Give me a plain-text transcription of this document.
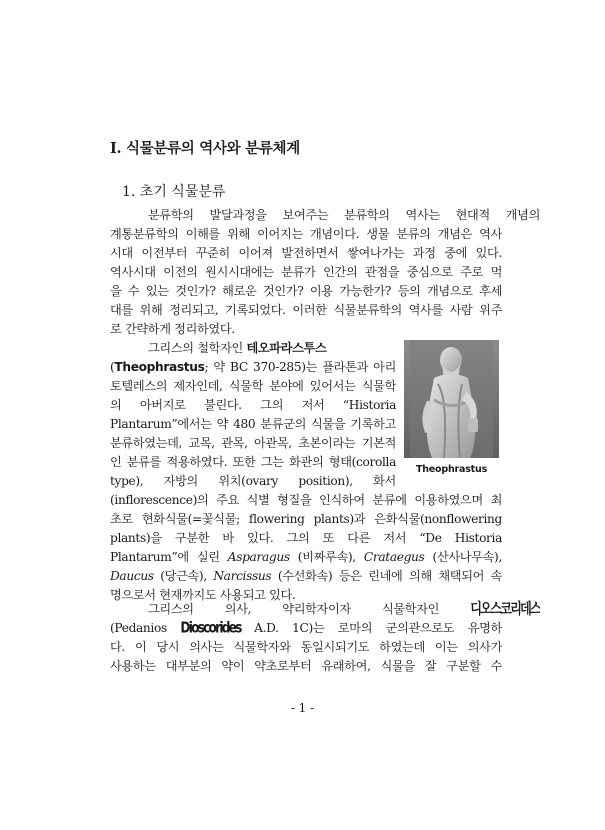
I. 식물분류의 역사와 분류체계
1. 초기 식물분류
분류학의 발달과정을 보여주는 분류학의 역사는 현대적 개념의
계통분류학의 이해를 위해 이어지는 개념이다. 생물 분류의 개념은 역사
시대 이전부터 꾸준히 이어져 발전하면서 쌓여나가는 과정 중에 있다.
역사시대 이전의 원시시대에는 분류가 인간의 관점을 중심으로 주로 먹
을 수 있는 것인가? 해로운 것인가? 이용 가능한가? 등의 개념으로 후세
대를 위해 정리되고, 기록되었다. 이러한 식물분류학의 역사를 사람 위주
로 간략하게 정리하였다.
그리스의 철학자인 테오파라스투스
(Theophrastus; 약 BC 370-285)는 플라톤과 아리
토텔레스의 제자인데, 식물학 분야에 있어서는 식물학
의 아버지로 불린다. 그의 저서 “Historia
Plantarum”에서는 약 480 분류군의 식물을 기록하고
분류하였는데, 교목, 관목, 아관목, 초본이라는 기본적
인 분류를 적용하였다. 또한 그는 화관의 형태(corolla
type), 자방의 위치(ovary position), 화서
(inflorescence)의 주요 식별 형질을 인식하여 분류에 이용하였으며 최
초로 현화식물(=꽃식물; flowering plants)과 은화식물(nonflowering
plants)을 구분한 바 있다. 그의 또 다른 저서 “De Historia
Plantarum”에 실린 Asparagus (비짜루속), Crataegus (산사나무속),
Daucus (당근속), Narcissus (수선화속) 등은 린네에 의해 채택되어 속
명으로서 현재까지도 사용되고 있다.
그리스의 의사, 약리학자이자 식물학자인 디오스코리데스
(Pedanios Dioscorides A.D. 1C)는 로마의 군의관으로도 유명하
다. 이 당시 의사는 식물학자와 동일시되기도 하였는데 이는 의사가
사용하는 대부분의 약이 약초로부터 유래하여, 식물을 잘 구분할 수
Theophrastus
- 1 -
